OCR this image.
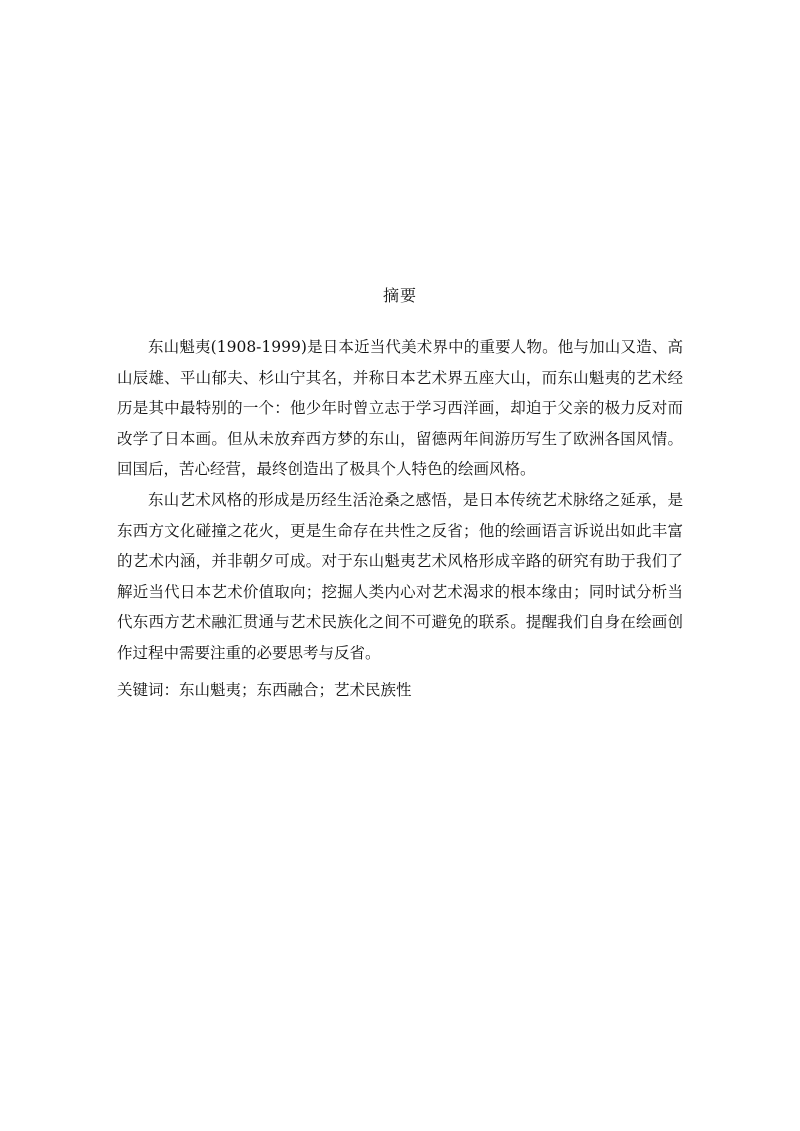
摘要

东山魁夷(1908-1999)是日本近当代美术界中的重要人物。他与加山又造、高山辰雄、平山郁夫、杉山宁其名，并称日本艺术界五座大山，而东山魁夷的艺术经历是其中最特别的一个：他少年时曾立志于学习西洋画，却迫于父亲的极力反对而改学了日本画。但从未放弃西方梦的东山，留德两年间游历写生了欧洲各国风情。回国后，苦心经营，最终创造出了极具个人特色的绘画风格。

东山艺术风格的形成是历经生活沧桑之感悟，是日本传统艺术脉络之延承，是东西方文化碰撞之花火，更是生命存在共性之反省；他的绘画语言诉说出如此丰富的艺术内涵，并非朝夕可成。对于东山魁夷艺术风格形成辛路的研究有助于我们了解近当代日本艺术价值取向；挖掘人类内心对艺术渴求的根本缘由；同时试分析当代东西方艺术融汇贯通与艺术民族化之间不可避免的联系。提醒我们自身在绘画创作过程中需要注重的必要思考与反省。

关键词：东山魁夷；东西融合；艺术民族性
